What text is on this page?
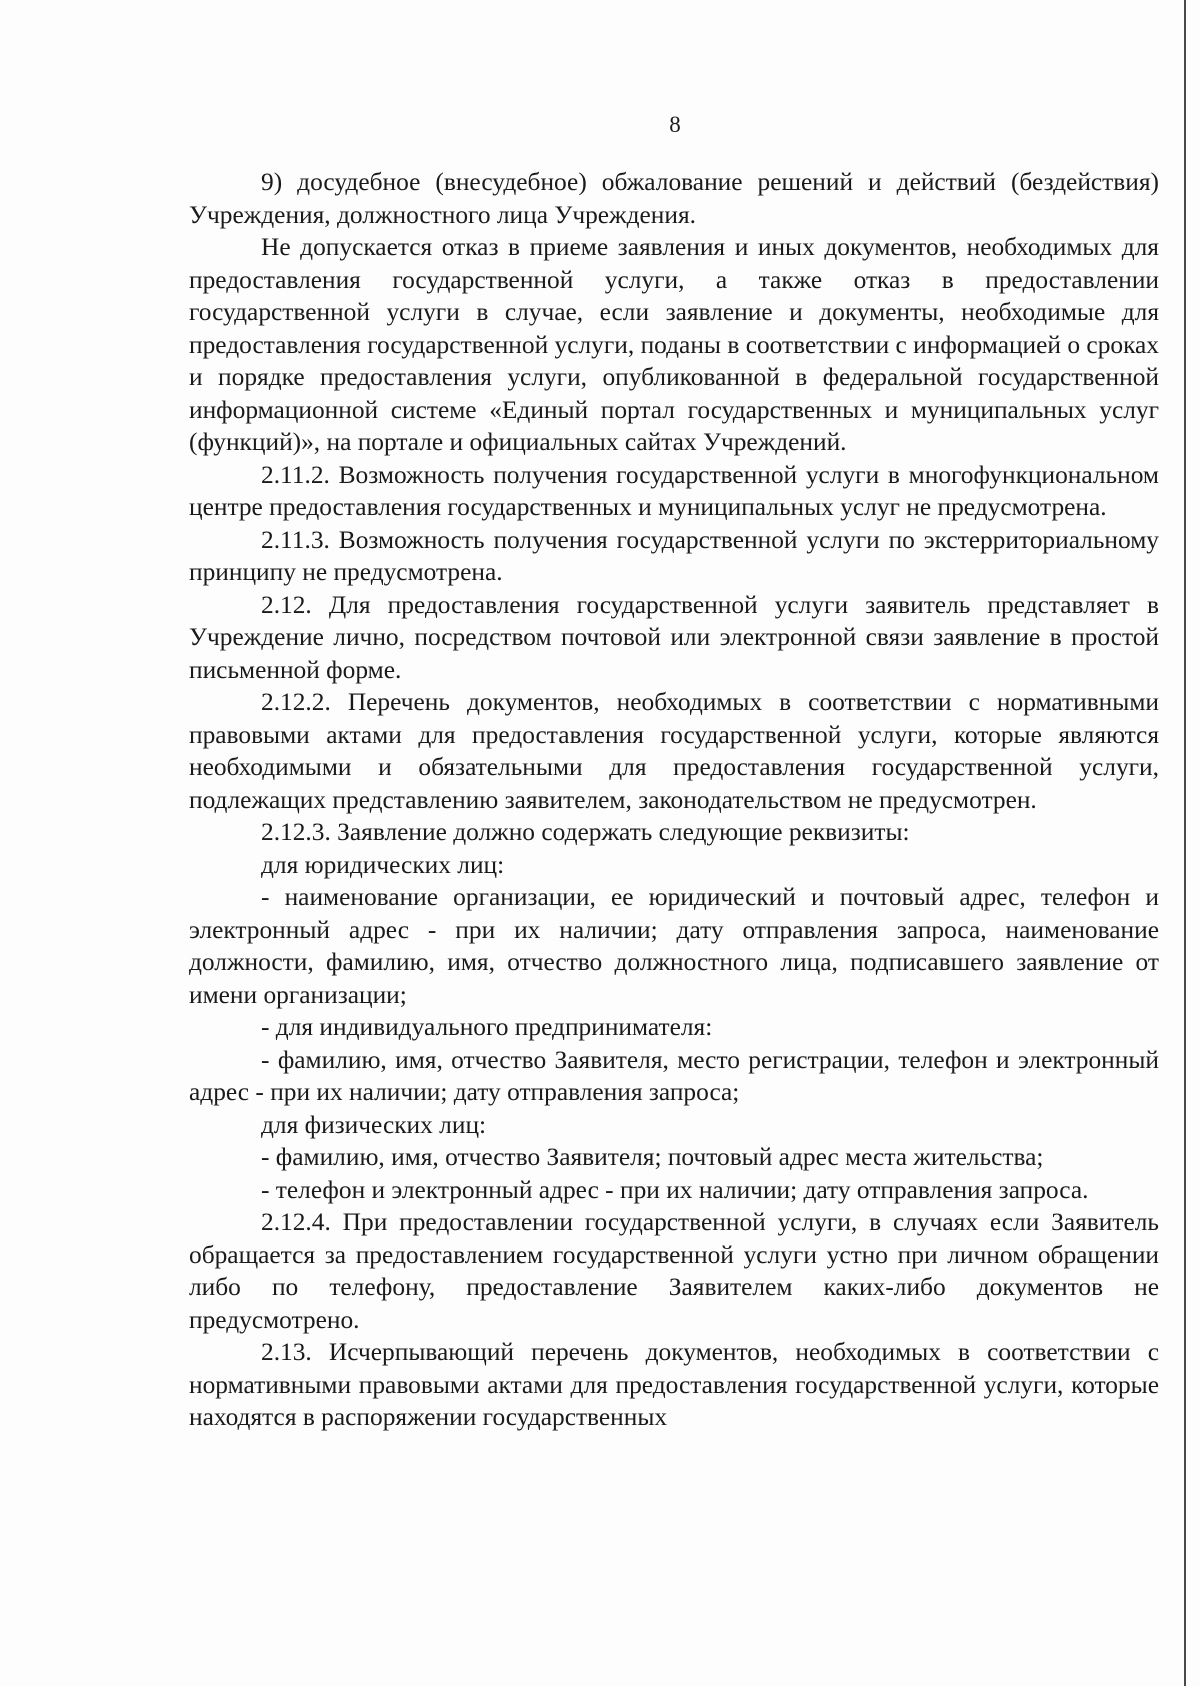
8

9) досудебное (внесудебное) обжалование решений и действий (бездействия) Учреждения, должностного лица Учреждения.

Не допускается отказ в приеме заявления и иных документов, необходимых для предоставления государственной услуги, а также отказ в предоставлении государственной услуги в случае, если заявление и документы, необходимые для предоставления государственной услуги, поданы в соответствии с информацией о сроках и порядке предоставления услуги, опубликованной в федеральной государственной информационной системе «Единый портал государственных и муниципальных услуг (функций)», на портале и официальных сайтах Учреждений.

2.11.2. Возможность получения государственной услуги в многофункциональном центре предоставления государственных и муниципальных услуг не предусмотрена.

2.11.3. Возможность получения государственной услуги по экстерриториальному принципу не предусмотрена.

2.12. Для предоставления государственной услуги заявитель представляет в Учреждение лично, посредством почтовой или электронной связи заявление в простой письменной форме.

2.12.2. Перечень документов, необходимых в соответствии с нормативными правовыми актами для предоставления государственной услуги, которые являются необходимыми и обязательными для предоставления государственной услуги, подлежащих представлению заявителем, законодательством не предусмотрен.

2.12.3. Заявление должно содержать следующие реквизиты:

для юридических лиц:

- наименование организации, ее юридический и почтовый адрес, телефон и электронный адрес - при их наличии; дату отправления запроса, наименование должности, фамилию, имя, отчество должностного лица, подписавшего заявление от имени организации;

- для индивидуального предпринимателя:

- фамилию, имя, отчество Заявителя, место регистрации, телефон и электронный адрес - при их наличии; дату отправления запроса;

для физических лиц:

- фамилию, имя, отчество Заявителя; почтовый адрес места жительства;

- телефон и электронный адрес - при их наличии; дату отправления запроса.

2.12.4. При предоставлении государственной услуги, в случаях если Заявитель обращается за предоставлением государственной услуги устно при личном обращении либо по телефону, предоставление Заявителем каких-либо документов не предусмотрено.

2.13. Исчерпывающий перечень документов, необходимых в соответствии с нормативными правовыми актами для предоставления государственной услуги, которые находятся в распоряжении государственных
